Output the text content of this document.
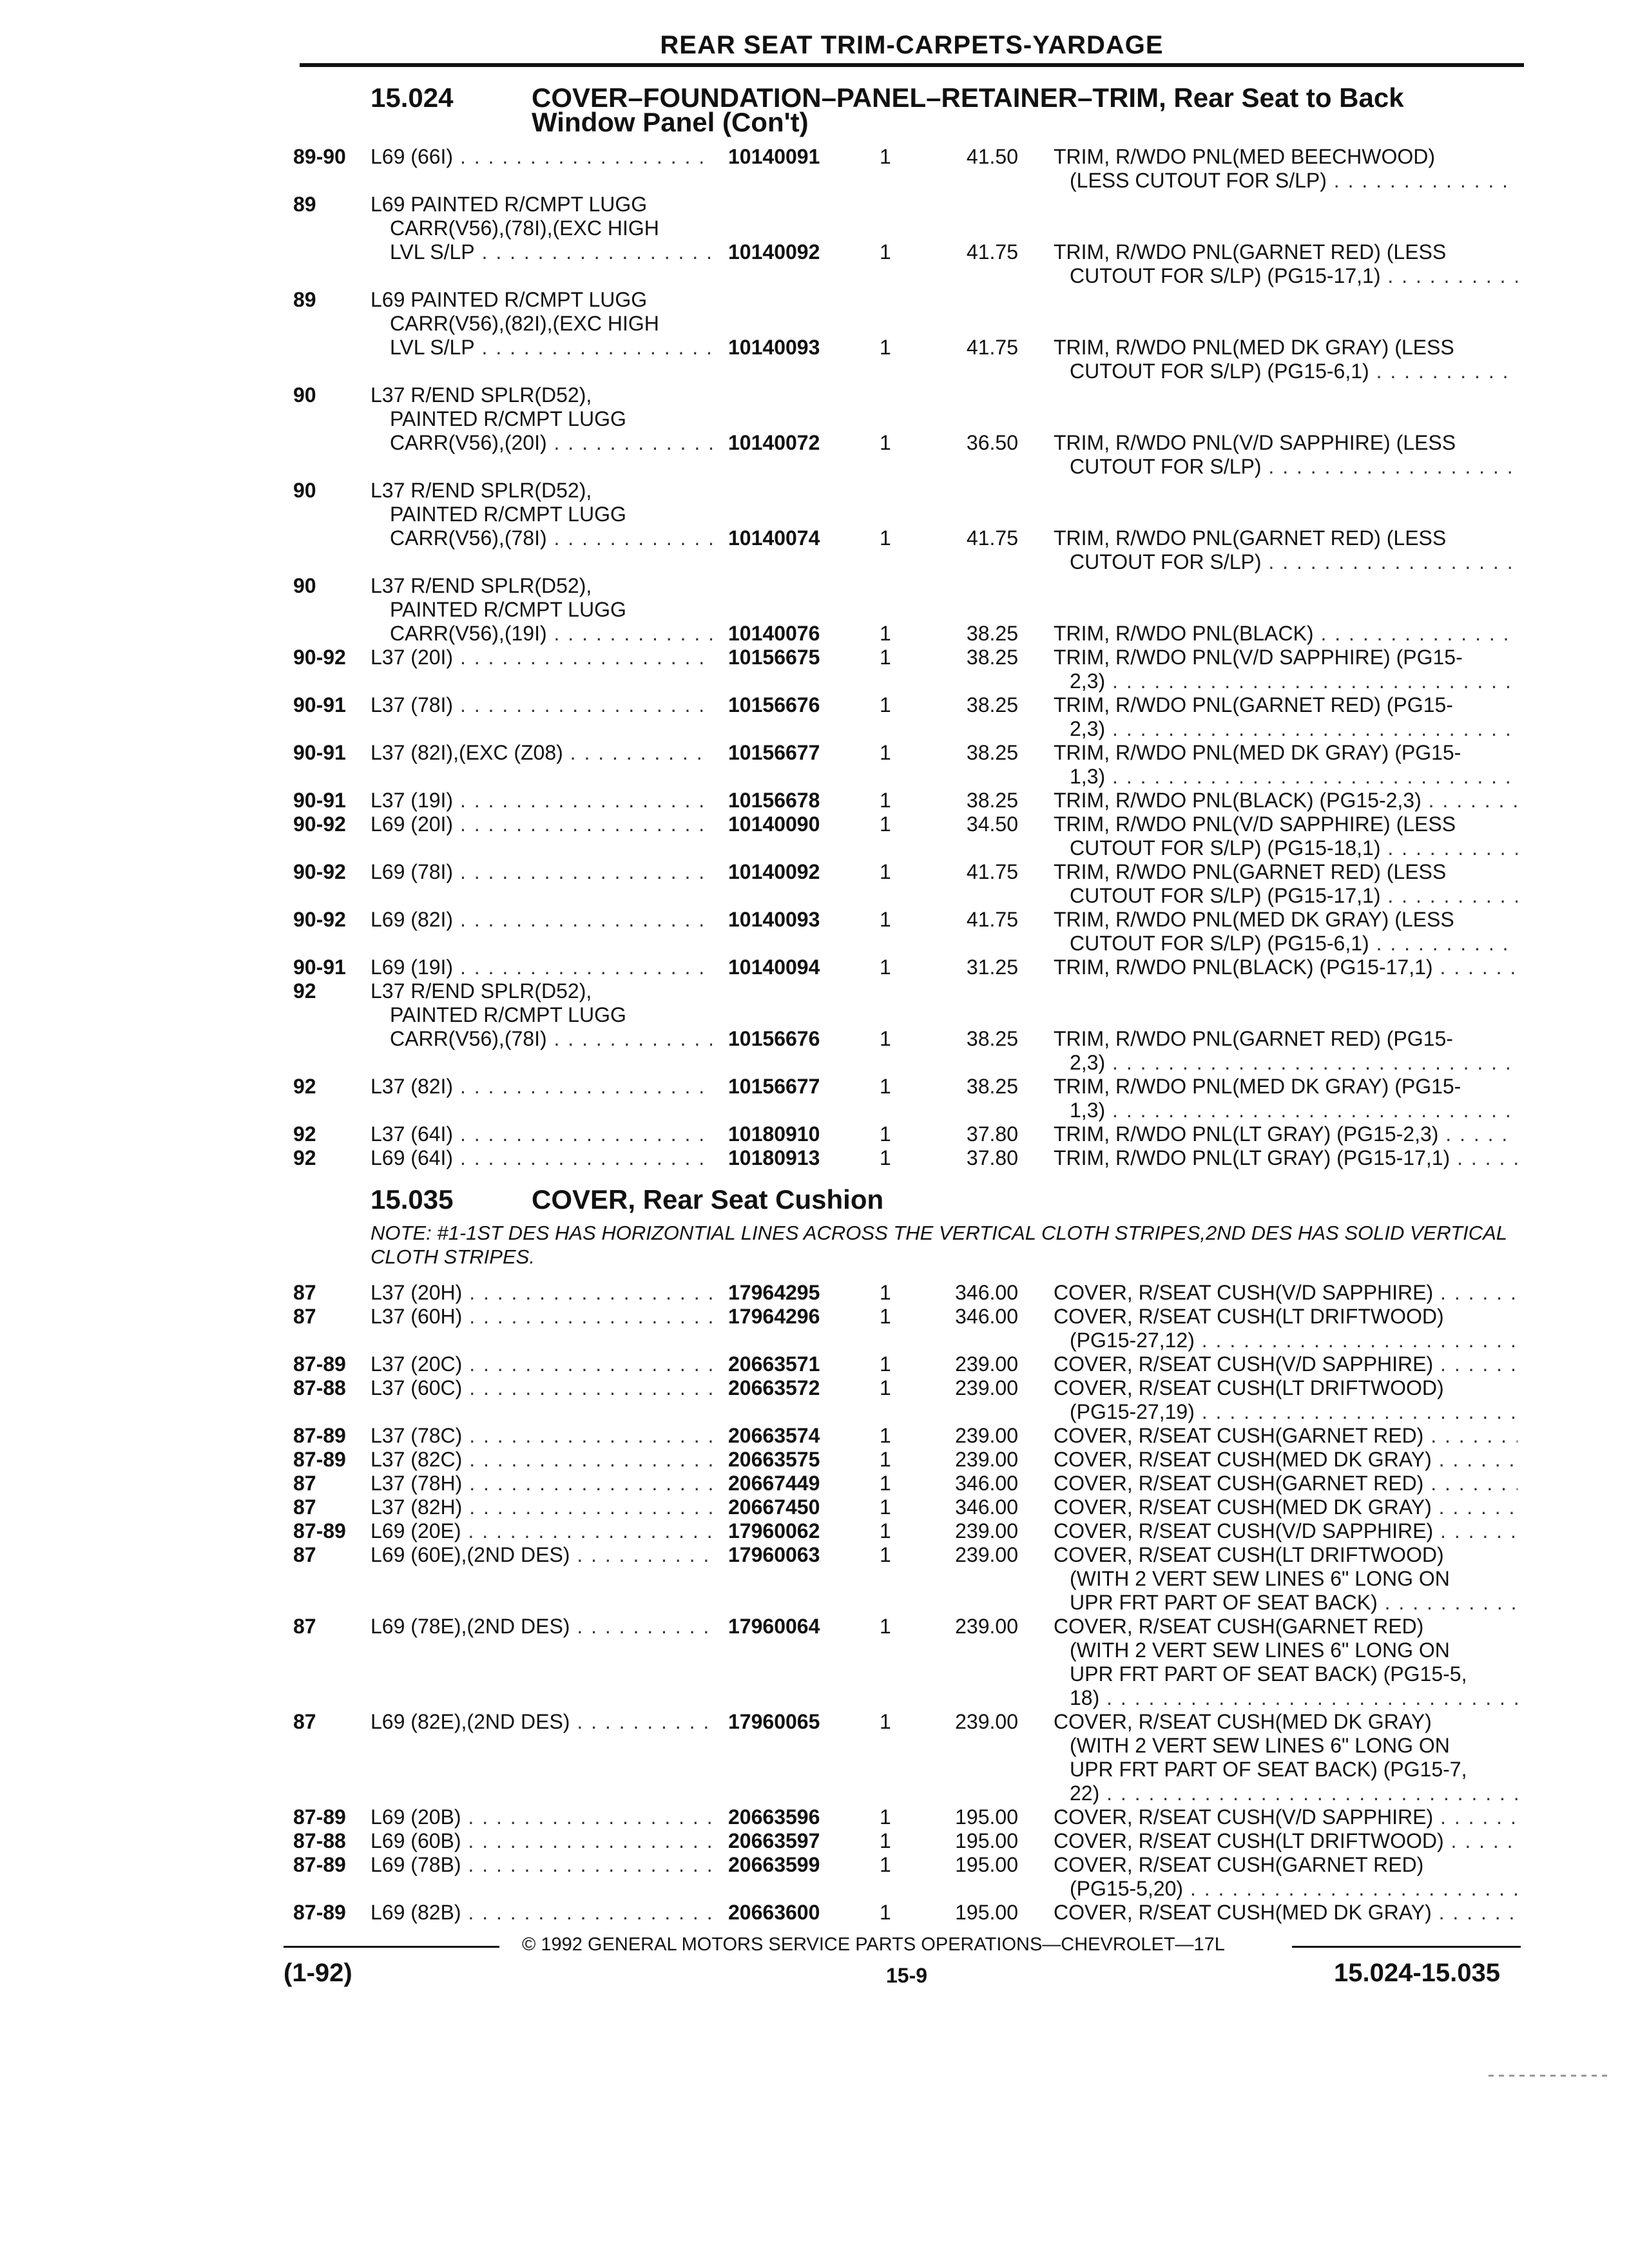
REAR SEAT TRIM-CARPETS-YARDAGE
15.024	COVER–FOUNDATION–PANEL–RETAINER–TRIM, Rear Seat to Back
Window Panel (Con't)
15.035	COVER, Rear Seat Cushion
NOTE: #1-1ST DES HAS HORIZONTIAL LINES ACROSS THE VERTICAL CLOTH STRIPES,2ND DES HAS SOLID VERTICAL CLOTH STRIPES.
89-90 L69 (66I) . . .	10140091	1	41.50 TRIM, R/WDO PNL(MED BEECHWOOD)
(LESS CUTOUT FOR S/LP) . . .
89	L69 PAINTED R/CMPT LUGG
CARR(V56),(78I),(EXC HIGH
LVL S/LP . . .	10140092	1	41.75 TRIM, R/WDO PNL(GARNET RED) (LESS
CUTOUT FOR S/LP) (PG15-17,1) . . .
89	L69 PAINTED R/CMPT LUGG
CARR(V56),(82I),(EXC HIGH
LVL S/LP . . .	10140093	1	41.75 TRIM, R/WDO PNL(MED DK GRAY) (LESS
CUTOUT FOR S/LP) (PG15-6,1) . . .
90	L37 R/END SPLR(D52),
PAINTED R/CMPT LUGG
CARR(V56),(20I) . . .	10140072	1	36.50 TRIM, R/WDO PNL(V/D SAPPHIRE) (LESS
CUTOUT FOR S/LP) . . .
90	L37 R/END SPLR(D52),
PAINTED R/CMPT LUGG
CARR(V56),(78I) . . .	10140074	1	41.75 TRIM, R/WDO PNL(GARNET RED) (LESS
CUTOUT FOR S/LP) . . .
90	L37 R/END SPLR(D52),
PAINTED R/CMPT LUGG
CARR(V56),(19I) . . .	10140076	1	38.25 TRIM, R/WDO PNL(BLACK) . . .
90-92 L37 (20I) . . .	10156675	1	38.25 TRIM, R/WDO PNL(V/D SAPPHIRE) (PG15-
2,3) . . .
90-91 L37 (78I) . . .	10156676	1	38.25 TRIM, R/WDO PNL(GARNET RED) (PG15-
2,3) . . .
90-91 L37 (82I),(EXC (Z08) . . .	10156677	1	38.25 TRIM, R/WDO PNL(MED DK GRAY) (PG15-
1,3) . . .
90-91 L37 (19I) . . .	10156678	1	38.25 TRIM, R/WDO PNL(BLACK) (PG15-2,3) . . .
90-92 L69 (20I) . . .	10140090	1	34.50 TRIM, R/WDO PNL(V/D SAPPHIRE) (LESS
CUTOUT FOR S/LP) (PG15-18,1) . . .
90-92 L69 (78I) . . .	10140092	1	41.75 TRIM, R/WDO PNL(GARNET RED) (LESS
CUTOUT FOR S/LP) (PG15-17,1) . . .
90-92 L69 (82I) . . .	10140093	1	41.75 TRIM, R/WDO PNL(MED DK GRAY) (LESS
CUTOUT FOR S/LP) (PG15-6,1) . . .
90-91 L69 (19I) . . .	10140094	1	31.25 TRIM, R/WDO PNL(BLACK) (PG15-17,1) . . .
92	L37 R/END SPLR(D52),
PAINTED R/CMPT LUGG
CARR(V56),(78I) . . .	10156676	1	38.25 TRIM, R/WDO PNL(GARNET RED) (PG15-
2,3) . . .
92	L37 (82I) . . .	10156677	1	38.25 TRIM, R/WDO PNL(MED DK GRAY) (PG15-
1,3) . . .
92	L37 (64I) . . .	10180910	1	37.80 TRIM, R/WDO PNL(LT GRAY) (PG15-2,3) . . .
92	L69 (64I) . . .	10180913	1	37.80 TRIM, R/WDO PNL(LT GRAY) (PG15-17,1) . . .
87	L37 (20H) . . .	17964295	1	346.00 COVER, R/SEAT CUSH(V/D SAPPHIRE) . . .
87	L37 (60H) . . .	17964296	1	346.00 COVER, R/SEAT CUSH(LT DRIFTWOOD)
(PG15-27,12) . . .
87-89 L37 (20C) . . .	20663571	1	239.00 COVER, R/SEAT CUSH(V/D SAPPHIRE) . . .
87-88 L37 (60C) . . .	20663572	1	239.00 COVER, R/SEAT CUSH(LT DRIFTWOOD)
(PG15-27,19) . . .
87-89 L37 (78C) . . .	20663574	1	239.00 COVER, R/SEAT CUSH(GARNET RED) . . .
87-89 L37 (82C) . . .	20663575	1	239.00 COVER, R/SEAT CUSH(MED DK GRAY) . . .
87	L37 (78H) . . .	20667449	1	346.00 COVER, R/SEAT CUSH(GARNET RED) . . .
87	L37 (82H) . . .	20667450	1	346.00 COVER, R/SEAT CUSH(MED DK GRAY) . . .
87-89 L69 (20E) . . .	17960062	1	239.00 COVER, R/SEAT CUSH(V/D SAPPHIRE) . . .
87	L69 (60E),(2ND DES) . . .	17960063	1	239.00 COVER, R/SEAT CUSH(LT DRIFTWOOD)
(WITH 2 VERT SEW LINES 6" LONG ON
UPR FRT PART OF SEAT BACK) . . .
87	L69 (78E),(2ND DES) . . .	17960064	1	239.00 COVER, R/SEAT CUSH(GARNET RED)
(WITH 2 VERT SEW LINES 6" LONG ON
UPR FRT PART OF SEAT BACK) (PG15-5,
18) . . .
87	L69 (82E),(2ND DES) . . .	17960065	1	239.00 COVER, R/SEAT CUSH(MED DK GRAY)
(WITH 2 VERT SEW LINES 6" LONG ON
UPR FRT PART OF SEAT BACK) (PG15-7,
22) . . .
87-89 L69 (20B) . . .	20663596	1	195.00 COVER, R/SEAT CUSH(V/D SAPPHIRE) . . .
87-88 L69 (60B) . . .	20663597	1	195.00 COVER, R/SEAT CUSH(LT DRIFTWOOD) . . .
87-89 L69 (78B) . . .	20663599	1	195.00 COVER, R/SEAT CUSH(GARNET RED)
(PG15-5,20) . . .
87-89 L69 (82B) . . .	20663600	1	195.00 COVER, R/SEAT CUSH(MED DK GRAY) . . .
© 1992 GENERAL MOTORS SERVICE PARTS OPERATIONS—CHEVROLET—17L
(1-92)	15-9	15.024-15.035
